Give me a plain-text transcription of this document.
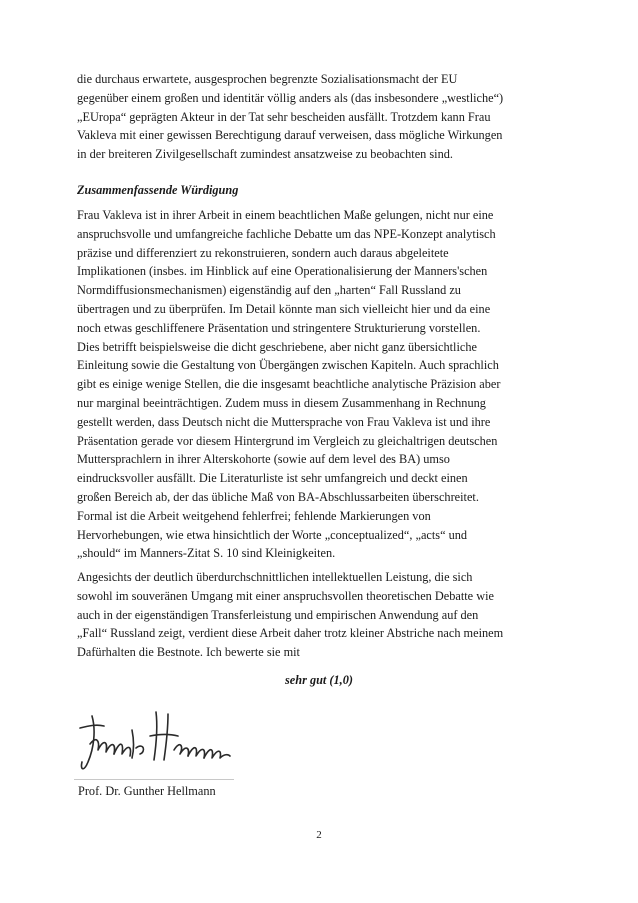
die durchaus erwartete, ausgesprochen begrenzte Sozialisationsmacht der EU
gegenüber einem großen und identitär völlig anders als (das insbesondere „westliche“)
„EUropa“ geprägten Akteur in der Tat sehr bescheiden ausfällt. Trotzdem kann Frau
Vakleva mit einer gewissen Berechtigung darauf verweisen, dass mögliche Wirkungen
in der breiteren Zivilgesellschaft zumindest ansatzweise zu beobachten sind.

Zusammenfassende Würdigung

Frau Vakleva ist in ihrer Arbeit in einem beachtlichen Maße gelungen, nicht nur eine
anspruchsvolle und umfangreiche fachliche Debatte um das NPE-Konzept analytisch
präzise und differenziert zu rekonstruieren, sondern auch daraus abgeleitete
Implikationen (insbes. im Hinblick auf eine Operationalisierung der Manners'schen
Normdiffusionsmechanismen) eigenständig auf den „harten“ Fall Russland zu
übertragen und zu überprüfen. Im Detail könnte man sich vielleicht hier und da eine
noch etwas geschliffenere Präsentation und stringentere Strukturierung vorstellen.
Dies betrifft beispielsweise die dicht geschriebene, aber nicht ganz übersichtliche
Einleitung sowie die Gestaltung von Übergängen zwischen Kapiteln. Auch sprachlich
gibt es einige wenige Stellen, die die insgesamt beachtliche analytische Präzision aber
nur marginal beeinträchtigen. Zudem muss in diesem Zusammenhang in Rechnung
gestellt werden, dass Deutsch nicht die Muttersprache von Frau Vakleva ist und ihre
Präsentation gerade vor diesem Hintergrund im Vergleich zu gleichaltrigen deutschen
Muttersprachlern in ihrer Alterskohorte (sowie auf dem level des BA) umso
eindrucksvoller ausfällt. Die Literaturliste ist sehr umfangreich und deckt einen
großen Bereich ab, der das übliche Maß von BA-Abschlussarbeiten überschreitet.
Formal ist die Arbeit weitgehend fehlerfrei; fehlende Markierungen von
Hervorhebungen, wie etwa hinsichtlich der Worte „conceptualized“, „acts“ und
„should“ im Manners-Zitat S. 10 sind Kleinigkeiten.

Angesichts der deutlich überdurchschnittlichen intellektuellen Leistung, die sich
sowohl im souveränen Umgang mit einer anspruchsvollen theoretischen Debatte wie
auch in der eigenständigen Transferleistung und empirischen Anwendung auf den
„Fall“ Russland zeigt, verdient diese Arbeit daher trotz kleiner Abstriche nach meinem
Dafürhalten die Bestnote. Ich bewerte sie mit

sehr gut (1,0)
Prof. Dr. Gunther Hellmann
2
